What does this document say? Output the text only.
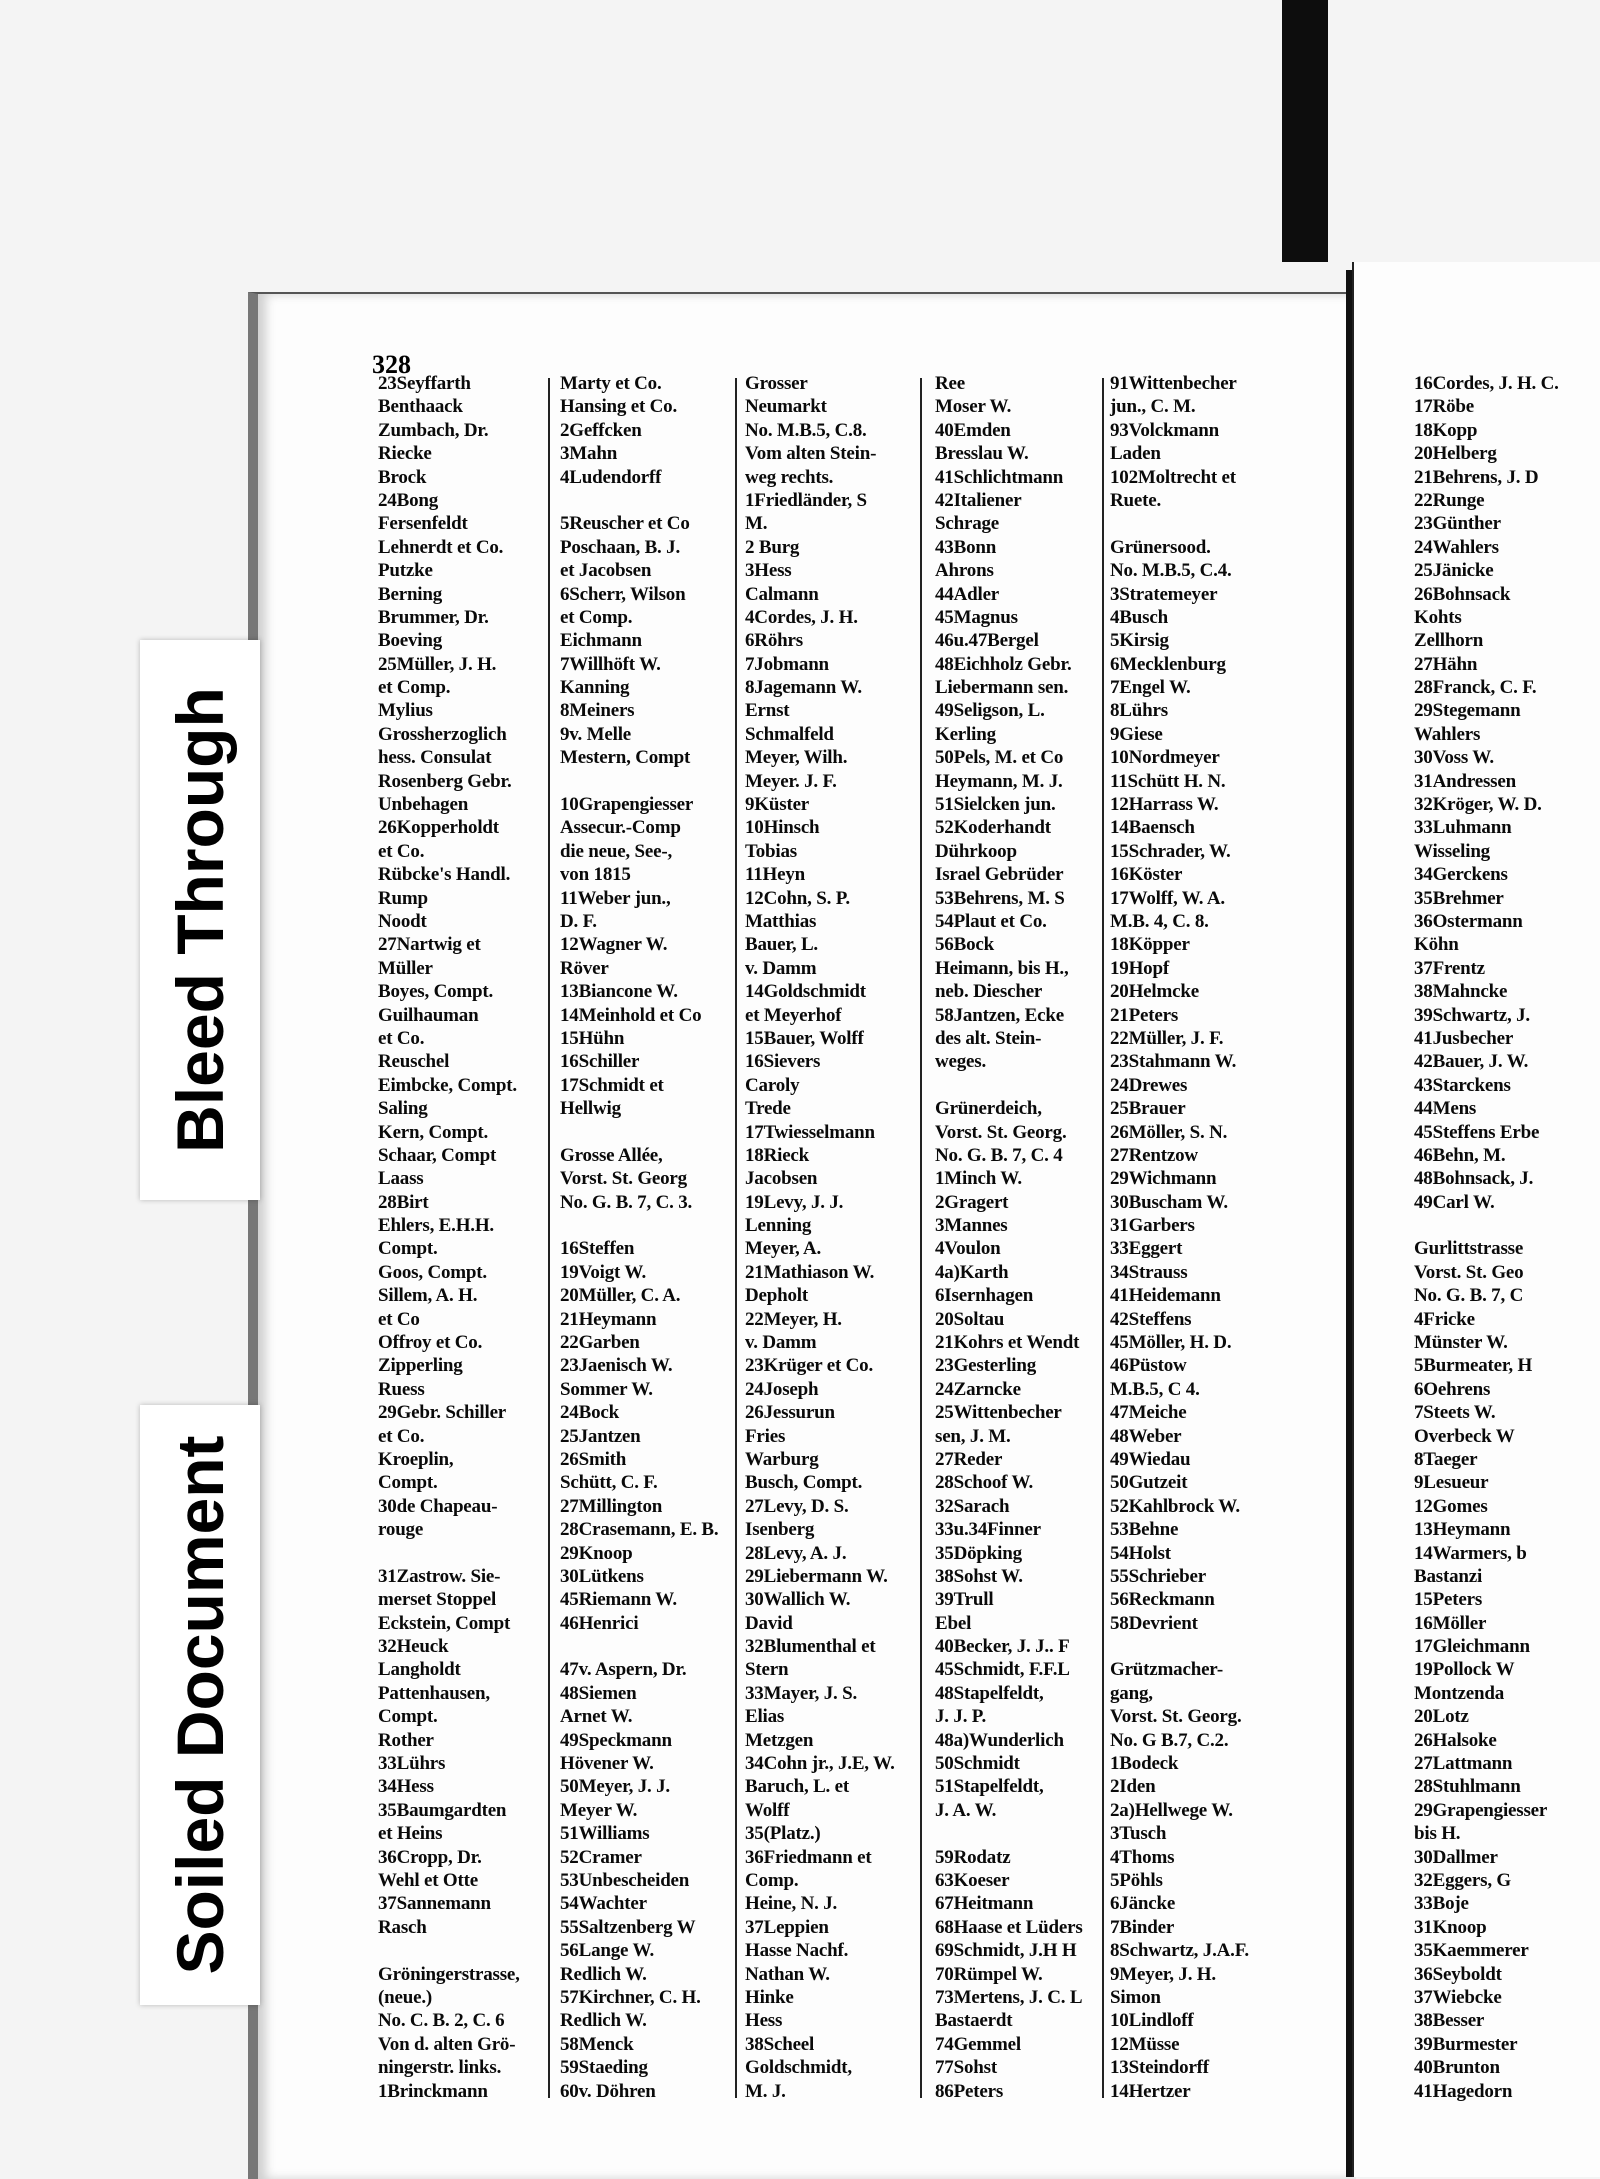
Bleed Through
Soiled Document
328
23Seyffarth
Benthaack
Zumbach, Dr.
Riecke
Brock
24Bong
Fersenfeldt
Lehnerdt et Co.
Putzke
Berning
Brummer, Dr.
Boeving
25Müller, J. H.
et Comp.
Mylius
Grossherzoglich
hess. Consulat
Rosenberg Gebr.
Unbehagen
26Kopperholdt
et Co.
Rübcke's Handl.
Rump
Noodt
27Nartwig et
Müller
Boyes, Compt.
Guilhauman
et Co.
Reuschel
Eimbcke, Compt.
Saling
Kern, Compt.
Schaar, Compt
Laass
28Birt
Ehlers, E.H.H.
Compt.
Goos, Compt.
Sillem, A. H.
et Co
Offroy et Co.
Zipperling
Ruess
29Gebr. Schiller
et Co.
Kroeplin,
Compt.
30de Chapeau-
rouge
31Zastrow. Sie-
merset Stoppel
Eckstein, Compt
32Heuck
Langholdt
Pattenhausen,
Compt.
Rother
33Lührs
34Hess
35Baumgardten
et Heins
36Cropp, Dr.
Wehl et Otte
37Sannemann
Rasch
Gröningerstrasse,
(neue.)
No. C. B. 2, C. 6
Von d. alten Grö-
ningerstr. links.
1Brinckmann
Marty et Co.
Hansing et Co.
2Geffcken
3Mahn
4Ludendorff
5Reuscher et Co
Poschaan, B. J.
et Jacobsen
6Scherr, Wilson
et Comp.
Eichmann
7Willhöft W.
Kanning
8Meiners
9v. Melle
Mestern, Compt
10Grapengiesser
Assecur.-Comp
die neue, See-,
von 1815
11Weber jun.,
D. F.
12Wagner W.
Röver
13Biancone W.
14Meinhold et Co
15Hühn
16Schiller
17Schmidt et
Hellwig
Grosse Allée,
Vorst. St. Georg
No. G. B. 7, C. 3.
16Steffen
19Voigt W.
20Müller, C. A.
21Heymann
22Garben
23Jaenisch W.
Sommer W.
24Bock
25Jantzen
26Smith
Schütt, C. F.
27Millington
28Crasemann, E. B.
29Knoop
30Lütkens
45Riemann W.
46Henrici
47v. Aspern, Dr.
48Siemen
Arnet W.
49Speckmann
Hövener W.
50Meyer, J. J.
Meyer W.
51Williams
52Cramer
53Unbescheiden
54Wachter
55Saltzenberg W
56Lange W.
Redlich W.
57Kirchner, C. H.
Redlich W.
58Menck
59Staeding
60v. Döhren
Grosser
Neumarkt
No. M.B.5, C.8.
Vom alten Stein-
weg rechts.
1Friedländer, S
M.
2 Burg
3Hess
Calmann
4Cordes, J. H.
6Röhrs
7Jobmann
8Jagemann W.
Ernst
Schmalfeld
Meyer, Wilh.
Meyer. J. F.
9Küster
10Hinsch
Tobias
11Heyn
12Cohn, S. P.
Matthias
Bauer, L.
v. Damm
14Goldschmidt
et Meyerhof
15Bauer, Wolff
16Sievers
Caroly
Trede
17Twiesselmann
18Rieck
Jacobsen
19Levy, J. J.
Lenning
Meyer, A.
21Mathiason W.
Depholt
22Meyer, H.
v. Damm
23Krüger et Co.
24Joseph
26Jessurun
Fries
Warburg
Busch, Compt.
27Levy, D. S.
Isenberg
28Levy, A. J.
29Liebermann W.
30Wallich W.
David
32Blumenthal et
Stern
33Mayer, J. S.
Elias
Metzgen
34Cohn jr., J.E, W.
Baruch, L. et
Wolff
35(Platz.)
36Friedmann et
Comp.
Heine, N. J.
37Leppien
Hasse Nachf.
Nathan W.
Hinke
Hess
38Scheel
Goldschmidt,
M. J.
Ree
Moser W.
40Emden
Bresslau W.
41Schlichtmann
42Italiener
Schrage
43Bonn
Ahrons
44Adler
45Magnus
46u.47Bergel
48Eichholz Gebr.
Liebermann sen.
49Seligson, L.
Kerling
50Pels, M. et Co
Heymann, M. J.
51Sielcken jun.
52Koderhandt
Dührkoop
Israel Gebrüder
53Behrens, M. S
54Plaut et Co.
56Bock
Heimann, bis H.,
neb. Diescher
58Jantzen, Ecke
des alt. Stein-
weges.
Grünerdeich,
Vorst. St. Georg.
No. G. B. 7, C. 4
1Minch W.
2Gragert
3Mannes
4Voulon
4a)Karth
6Isernhagen
20Soltau
21Kohrs et Wendt
23Gesterling
24Zarncke
25Wittenbecher
sen, J. M.
27Reder
28Schoof W.
32Sarach
33u.34Finner
35Döpking
38Sohst W.
39Trull
Ebel
40Becker, J. J.. F
45Schmidt, F.F.L
48Stapelfeldt,
J. J. P.
48a)Wunderlich
50Schmidt
51Stapelfeldt,
J. A. W.
59Rodatz
63Koeser
67Heitmann
68Haase et Lüders
69Schmidt, J.H H
70Rümpel W.
73Mertens, J. C. L
Bastaerdt
74Gemmel
77Sohst
86Peters
91Wittenbecher
jun., C. M.
93Volckmann
Laden
102Moltrecht et
Ruete.
Grünersood.
No. M.B.5, C.4.
3Stratemeyer
4Busch
5Kirsig
6Mecklenburg
7Engel W.
8Lührs
9Giese
10Nordmeyer
11Schütt H. N.
12Harrass W.
14Baensch
15Schrader, W.
16Köster
17Wolff, W. A.
M.B. 4, C. 8.
18Köpper
19Hopf
20Helmcke
21Peters
22Müller, J. F.
23Stahmann W.
24Drewes
25Brauer
26Möller, S. N.
27Rentzow
29Wichmann
30Buscham W.
31Garbers
33Eggert
34Strauss
41Heidemann
42Steffens
45Möller, H. D.
46Püstow
M.B.5, C 4.
47Meiche
48Weber
49Wiedau
50Gutzeit
52Kahlbrock W.
53Behne
54Holst
55Schrieber
56Reckmann
58Devrient
Grützmacher-
gang,
Vorst. St. Georg.
No. G B.7, C.2.
1Bodeck
2Iden
2a)Hellwege W.
3Tusch
4Thoms
5Pöhls
6Jäncke
7Binder
8Schwartz, J.A.F.
9Meyer, J. H.
Simon
10Lindloff
12Müsse
13Steindorff
14Hertzer
16Cordes, J. H. C.
17Röbe
18Kopp
20Helberg
21Behrens, J. D
22Runge
23Günther
24Wahlers
25Jänicke
26Bohnsack
Kohts
Zellhorn
27Hähn
28Franck, C. F.
29Stegemann
Wahlers
30Voss W.
31Andressen
32Kröger, W. D.
33Luhmann
Wisseling
34Gerckens
35Brehmer
36Ostermann
Köhn
37Frentz
38Mahncke
39Schwartz, J.
41Jusbecher
42Bauer, J. W.
43Starckens
44Mens
45Steffens Erbe
46Behn, M.
48Bohnsack, J.
49Carl W.
Gurlittstrasse
Vorst. St. Geo
No. G. B. 7, C
4Fricke
Münster W.
5Burmeater, H
6Oehrens
7Steets W.
Overbeck W
8Taeger
9Lesueur
12Gomes
13Heymann
14Warmers, b
Bastanzi
15Peters
16Möller
17Gleichmann
19Pollock W
Montzenda
20Lotz
26Halsoke
27Lattmann
28Stuhlmann
29Grapengiesser
bis H.
30Dallmer
32Eggers, G
33Boje
31Knoop
35Kaemmerer
36Seyboldt
37Wiebcke
38Besser
39Burmester
40Brunton
41Hagedorn
